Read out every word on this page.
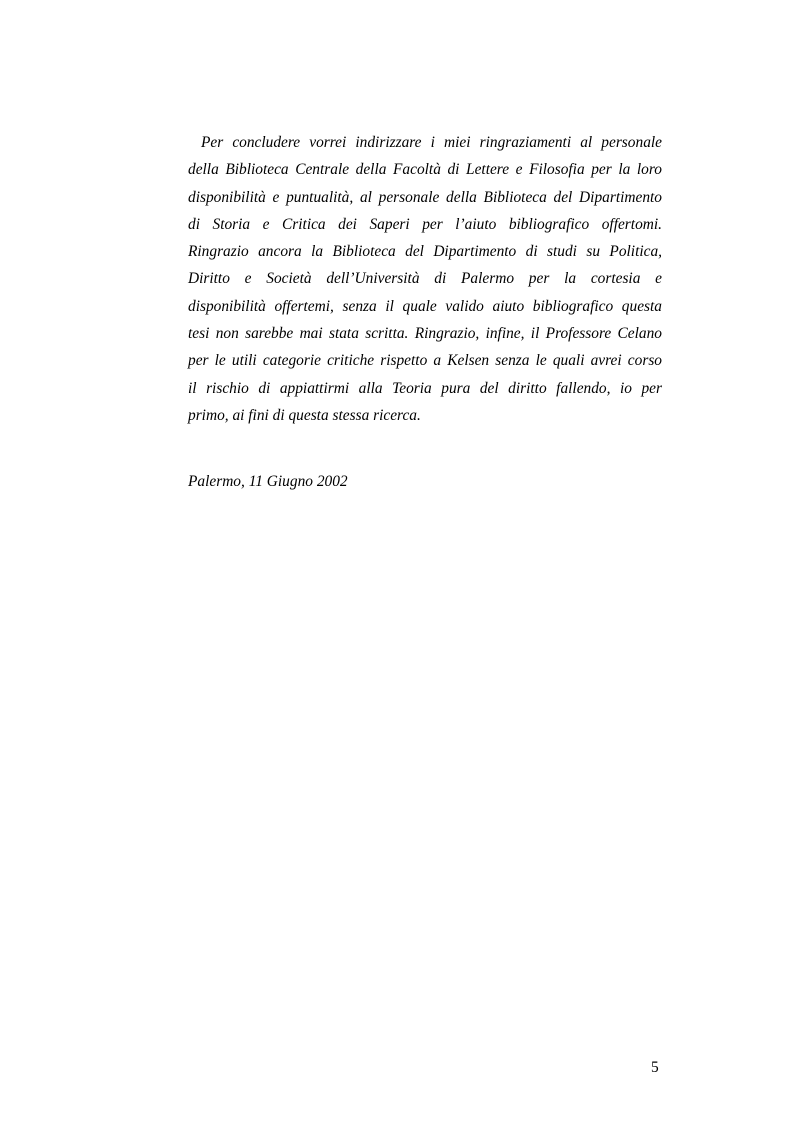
Per concludere vorrei indirizzare i miei ringraziamenti al personale
della Biblioteca Centrale della Facoltà di Lettere e Filosofia per la loro
disponibilità e puntualità, al personale della Biblioteca del Dipartimento
di Storia e Critica dei Saperi per l’aiuto bibliografico offertomi.
Ringrazio ancora la Biblioteca del Dipartimento di studi su Politica,
Diritto e Società dell’Università di Palermo per la cortesia e
disponibilità offertemi, senza il quale valido aiuto bibliografico questa
tesi non sarebbe mai stata scritta. Ringrazio, infine, il Professore Celano
per le utili categorie critiche rispetto a Kelsen senza le quali avrei corso
il rischio di appiattirmi alla Teoria pura del diritto fallendo, io per
primo, ai fini di questa stessa ricerca.
Palermo, 11 Giugno 2002
5
